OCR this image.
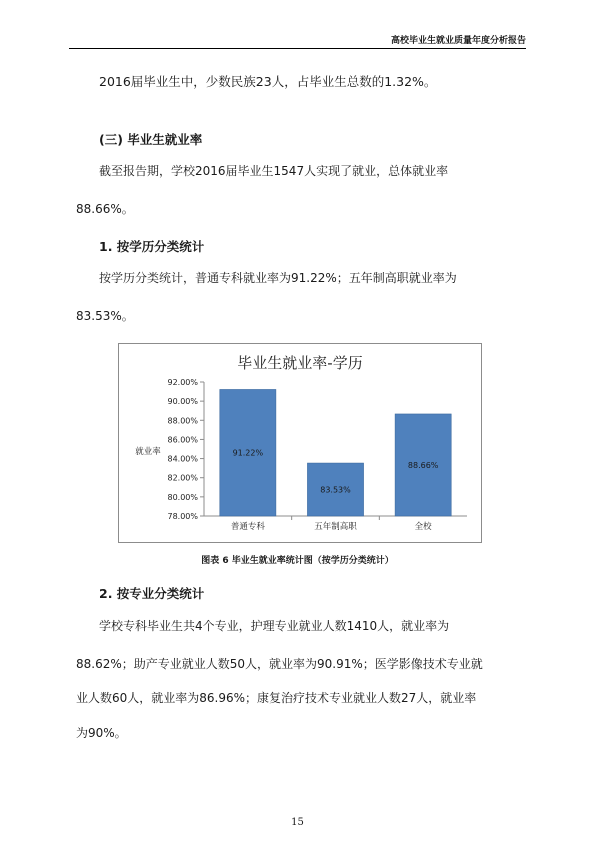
高校毕业生就业质量年度分析报告
2016届毕业生中，少数民族23人，占毕业生总数的1.32%。
(三) 毕业生就业率
截至报告期，学校2016届毕业生1547人实现了就业，总体就业率
88.66%。
1. 按学历分类统计
按学历分类统计，普通专科就业率为91.22%；五年制高职就业率为
83.53%。
毕业生就业率-学历
就业率
78.00%
80.00%
82.00%
84.00%
86.00%
88.00%
90.00%
92.00%
91.22%
普通专科
83.53%
五年制高职
88.66%
全校
图表 6 毕业生就业率统计图（按学历分类统计）
2. 按专业分类统计
学校专科毕业生共4个专业，护理专业就业人数1410人，就业率为
88.62%；助产专业就业人数50人，就业率为90.91%；医学影像技术专业就
业人数60人，就业率为86.96%；康复治疗技术专业就业人数27人，就业率
为90%。
15
